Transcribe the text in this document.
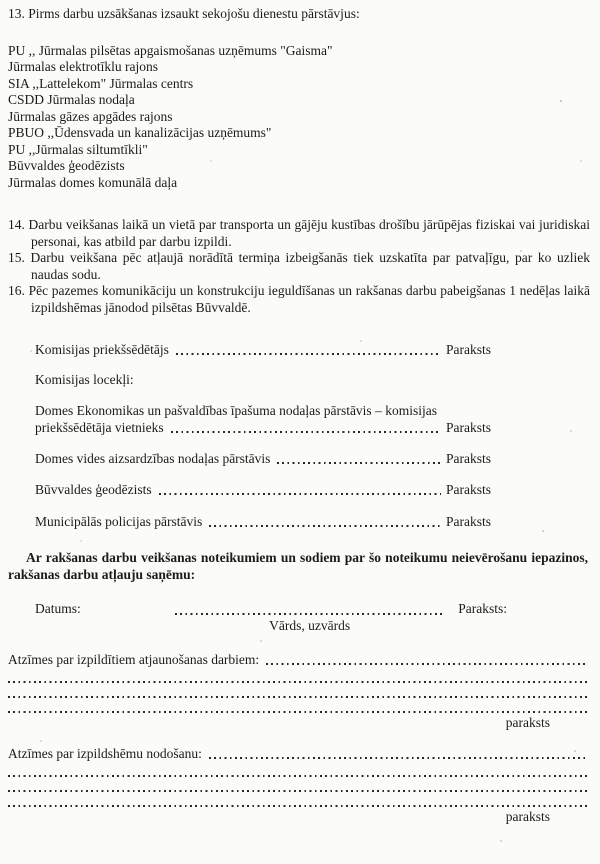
13. Pirms darbu uzsākšanas izsaukt sekojošu dienestu pārstāvjus:
PU ,, Jūrmalas pilsētas apgaismošanas uzņēmums "Gaisma"
Jūrmalas elektrotīklu rajons
SIA ,,Lattelekom" Jūrmalas centrs
CSDD Jūrmalas nodaļa
Jūrmalas gāzes apgādes rajons
PBUO ,,Ūdensvada un kanalizācijas uzņēmums"
PU ,,Jūrmalas siltumtīkli"
Būvvaldes ģeodēzists
Jūrmalas domes komunālā daļa

14. Darbu veikšanas laikā un vietā par transporta un gājēju kustības drošību jārūpējas fiziskai vai juridiskai personai, kas atbild par darbu izpildi.

15. Darbu veikšana pēc atļaujā norādītā termiņa izbeigšanās tiek uzskatīta par patvaļīgu, par ko uzliek naudas sodu.

16. Pēc pazemes komunikāciju un konstrukciju ieguldīšanas un rakšanas darbu pabeigšanas 1 nedēļas laikā izpildshēmas jānodod pilsētas Būvvaldē.

Komisijas priekšsēdētājs	Paraksts
Komisijas locekļi:
Domes Ekonomikas un pašvaldības īpašuma nodaļas pārstāvis – komisijas
priekšsēdētāja vietnieks	Paraksts
Domes vides aizsardzības nodaļas pārstāvis	Paraksts
Būvvaldes ģeodēzists	Paraksts
Municipālās policijas pārstāvis	Paraksts

Ar rakšanas darbu veikšanas noteikumiem un sodiem par šo noteikumu neievērošanu iepazinos, rakšanas darbu atļauju saņēmu:

Datums:
Vārds, uzvārds
Paraksts:
Atzīmes par izpildītiem atjaunošanas darbiem:
paraksts
Atzīmes par izpildshēmu nodošanu:
paraksts
